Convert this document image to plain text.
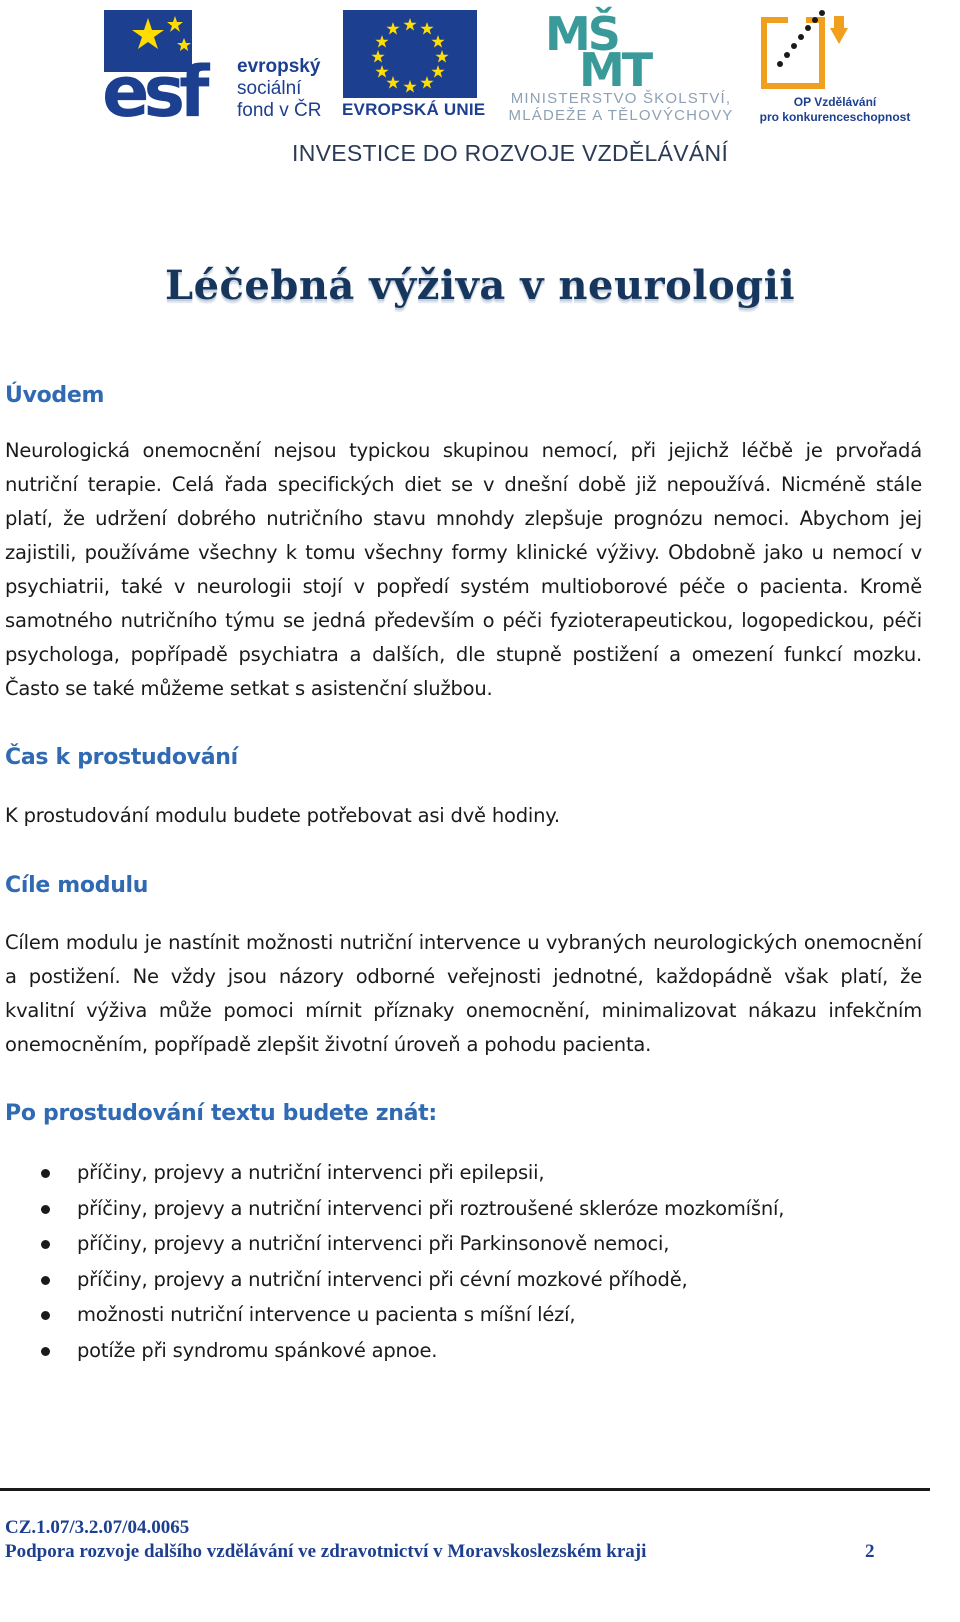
esf	evropský
sociální
fond v ČR EVROPSKÁ UNIE
MŠ
MT
MINISTERSTVO ŠKOLSTVÍ,
MLÁDEŽE A TĚLOVÝCHOVY
OP Vzdělávání
pro konkurenceschopnost
INVESTICE DO ROZVOJE VZDĚLÁVÁNÍ
Léčebná výživa v neurologii
Úvodem

Neurologická onemocnění nejsou typickou skupinou nemocí, při jejichž léčbě je prvořadá nutriční terapie. Celá řada specifických diet se v dnešní době již nepoužívá. Nicméně stále platí, že udržení dobrého nutričního stavu mnohdy zlepšuje prognózu nemoci. Abychom jej zajistili, používáme všechny k tomu všechny formy klinické výživy. Obdobně jako u nemocí v psychiatrii, také v neurologii stojí v popředí systém multioborové péče o pacienta. Kromě samotného nutričního týmu se jedná především o péči fyzioterapeutickou, logopedickou, péči psychologa, popřípadě psychiatra a dalších, dle stupně postižení a omezení funkcí mozku. Často se také můžeme setkat s asistenční službou.

Čas k prostudování

K prostudování modulu budete potřebovat asi dvě hodiny.

Cíle modulu

Cílem modulu je nastínit možnosti nutriční intervence u vybraných neurologických onemocnění a postižení. Ne vždy jsou názory odborné veřejnosti jednotné, každopádně však platí, že kvalitní výživa může pomoci mírnit příznaky onemocnění, minimalizovat nákazu infekčním onemocněním, popřípadě zlepšit životní úroveň a pohodu pacienta.

Po prostudování textu budete znát:
příčiny, projevy a nutriční intervenci při epilepsii,
příčiny, projevy a nutriční intervenci při roztroušené skleróze mozkomíšní,
příčiny, projevy a nutriční intervenci při Parkinsonově nemoci,
příčiny, projevy a nutriční intervenci při cévní mozkové příhodě,
možnosti nutriční intervence u pacienta s míšní lézí,
potíže při syndromu spánkové apnoe.
CZ.1.07/3.2.07/04.0065
Podpora rozvoje dalšího vzdělávání ve zdravotnictví v Moravskoslezském kraji	2
